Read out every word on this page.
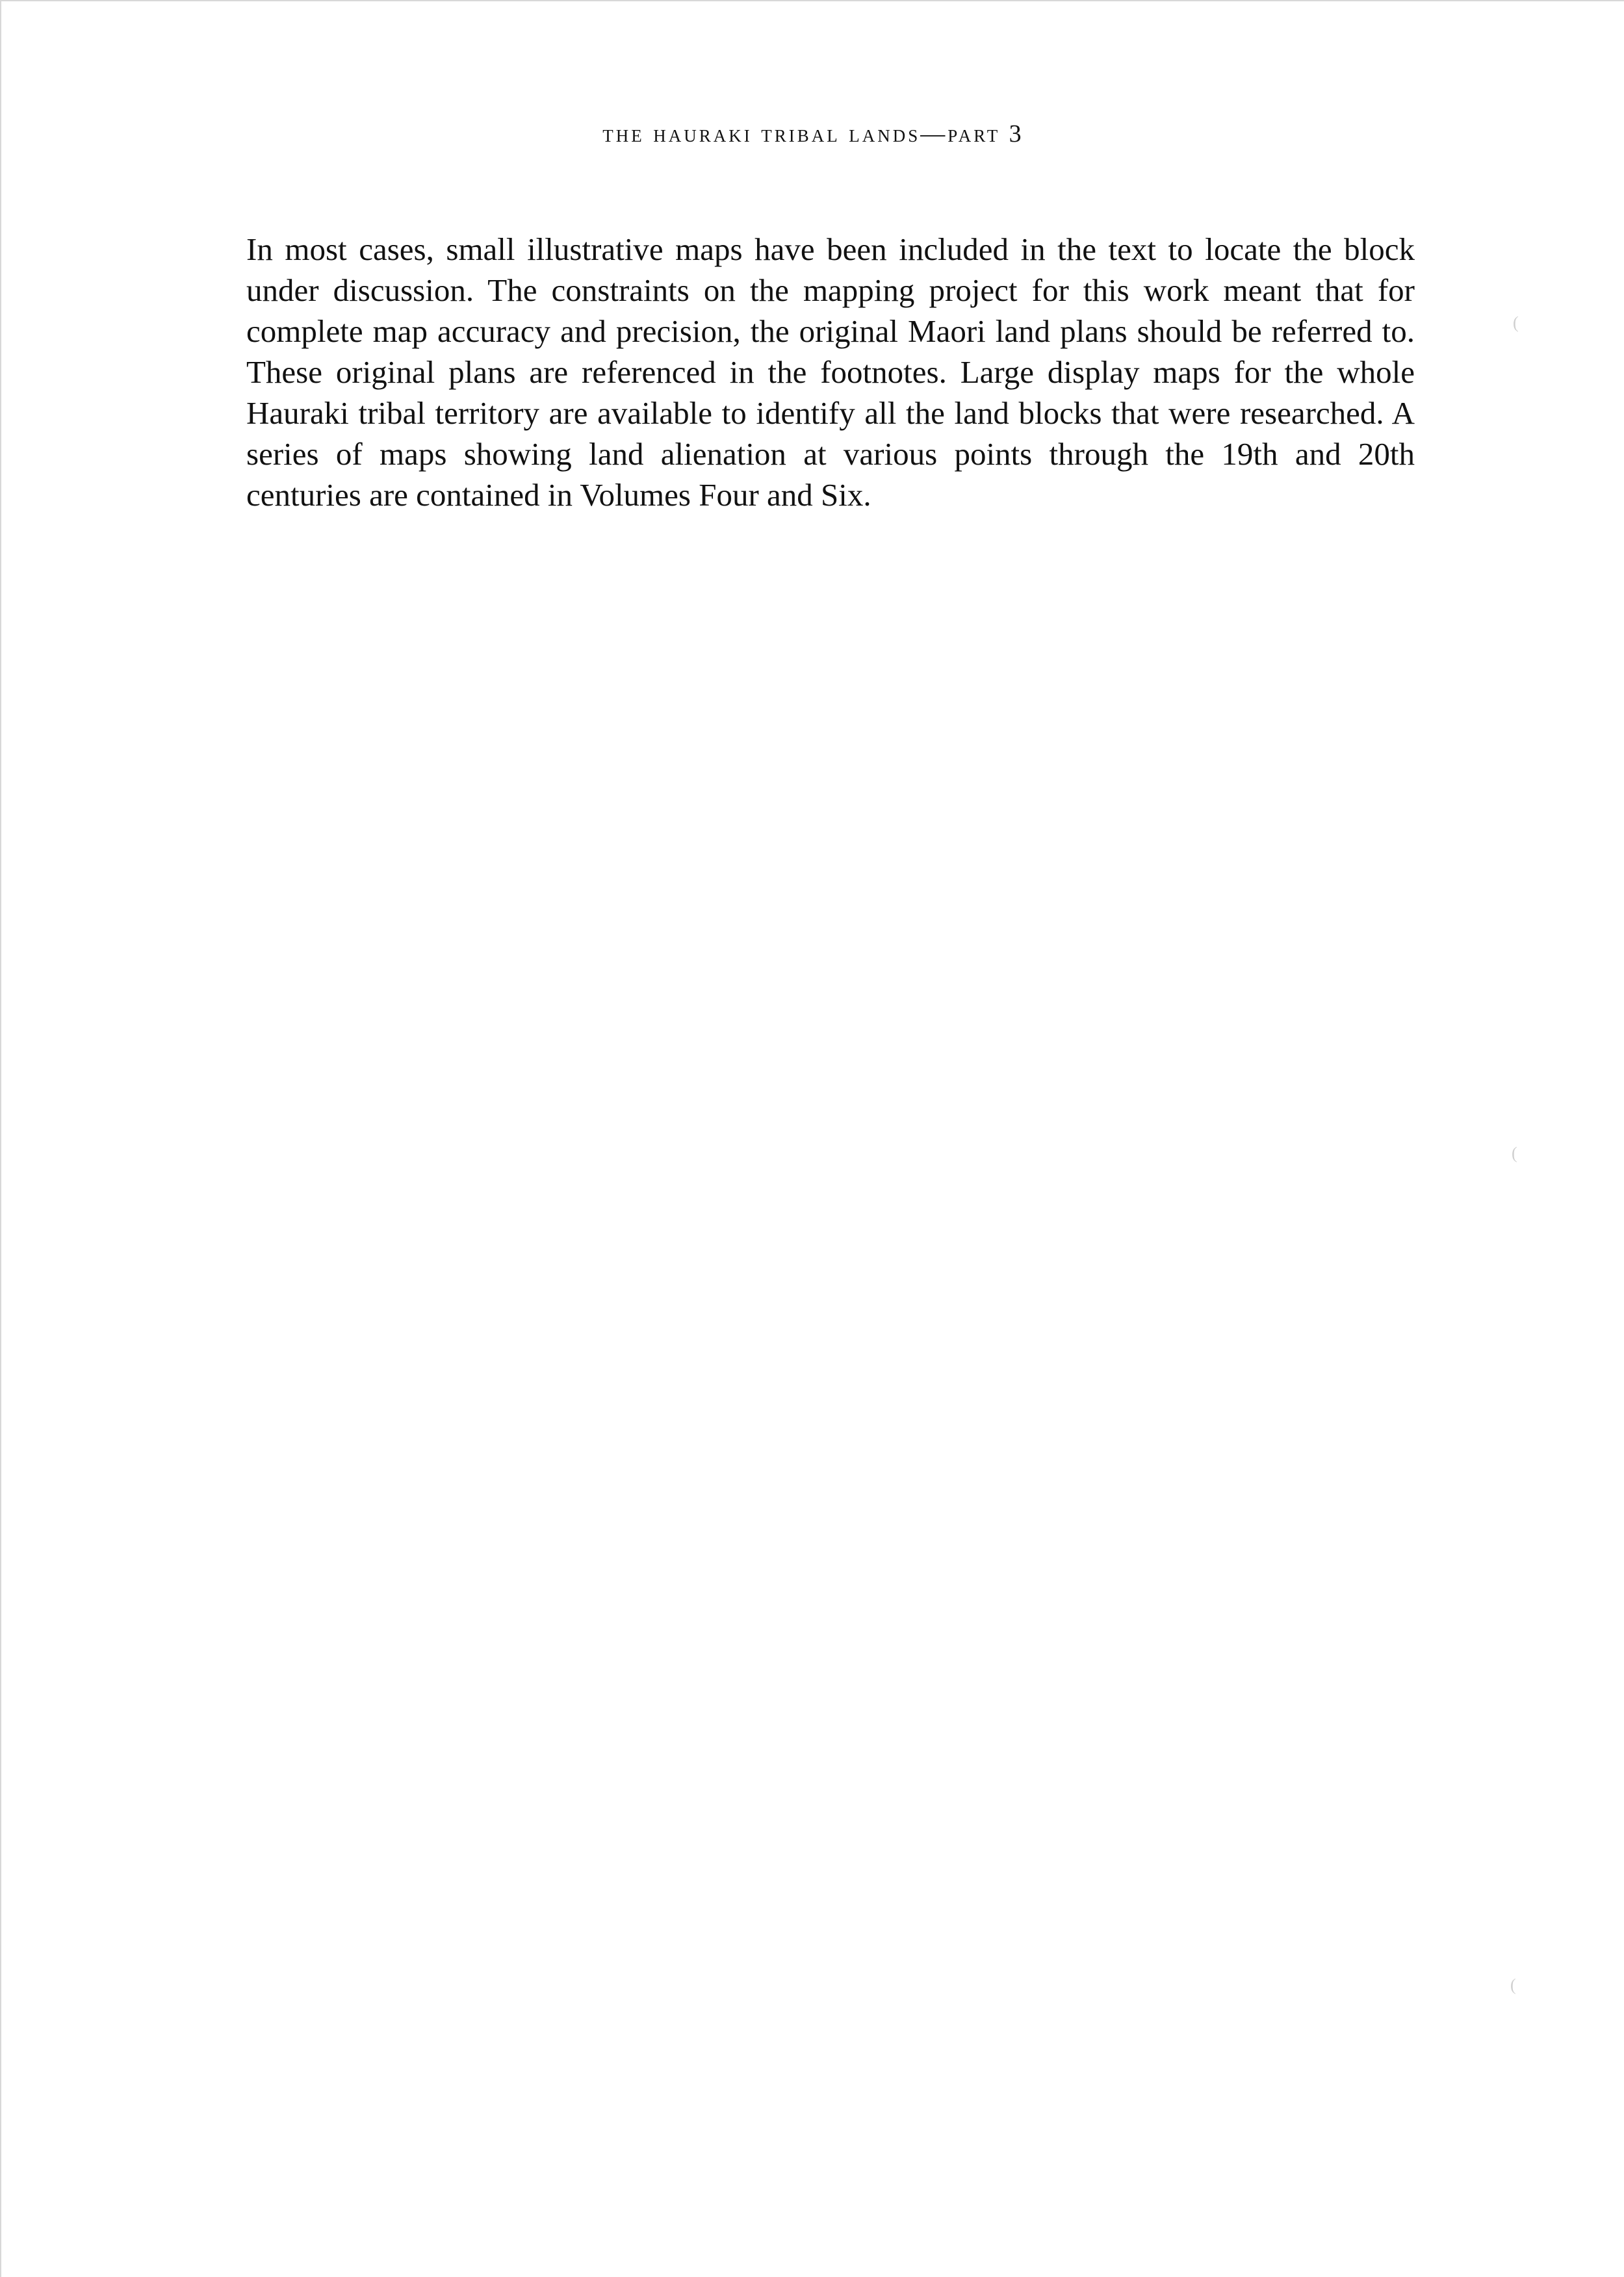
the hauraki tribal lands—part 3

In most cases, small illustrative maps have been included in the text to locate the block under discussion. The constraints on the mapping project for this work meant that for complete map accuracy and precision, the original Maori land plans should be referred to. These original plans are referenced in the footnotes. Large display maps for the whole Hauraki tribal territory are available to identify all the land blocks that were researched. A series of maps showing land alienation at various points through the 19th and 20th centuries are contained in Volumes Four and Six.

(
(
(
